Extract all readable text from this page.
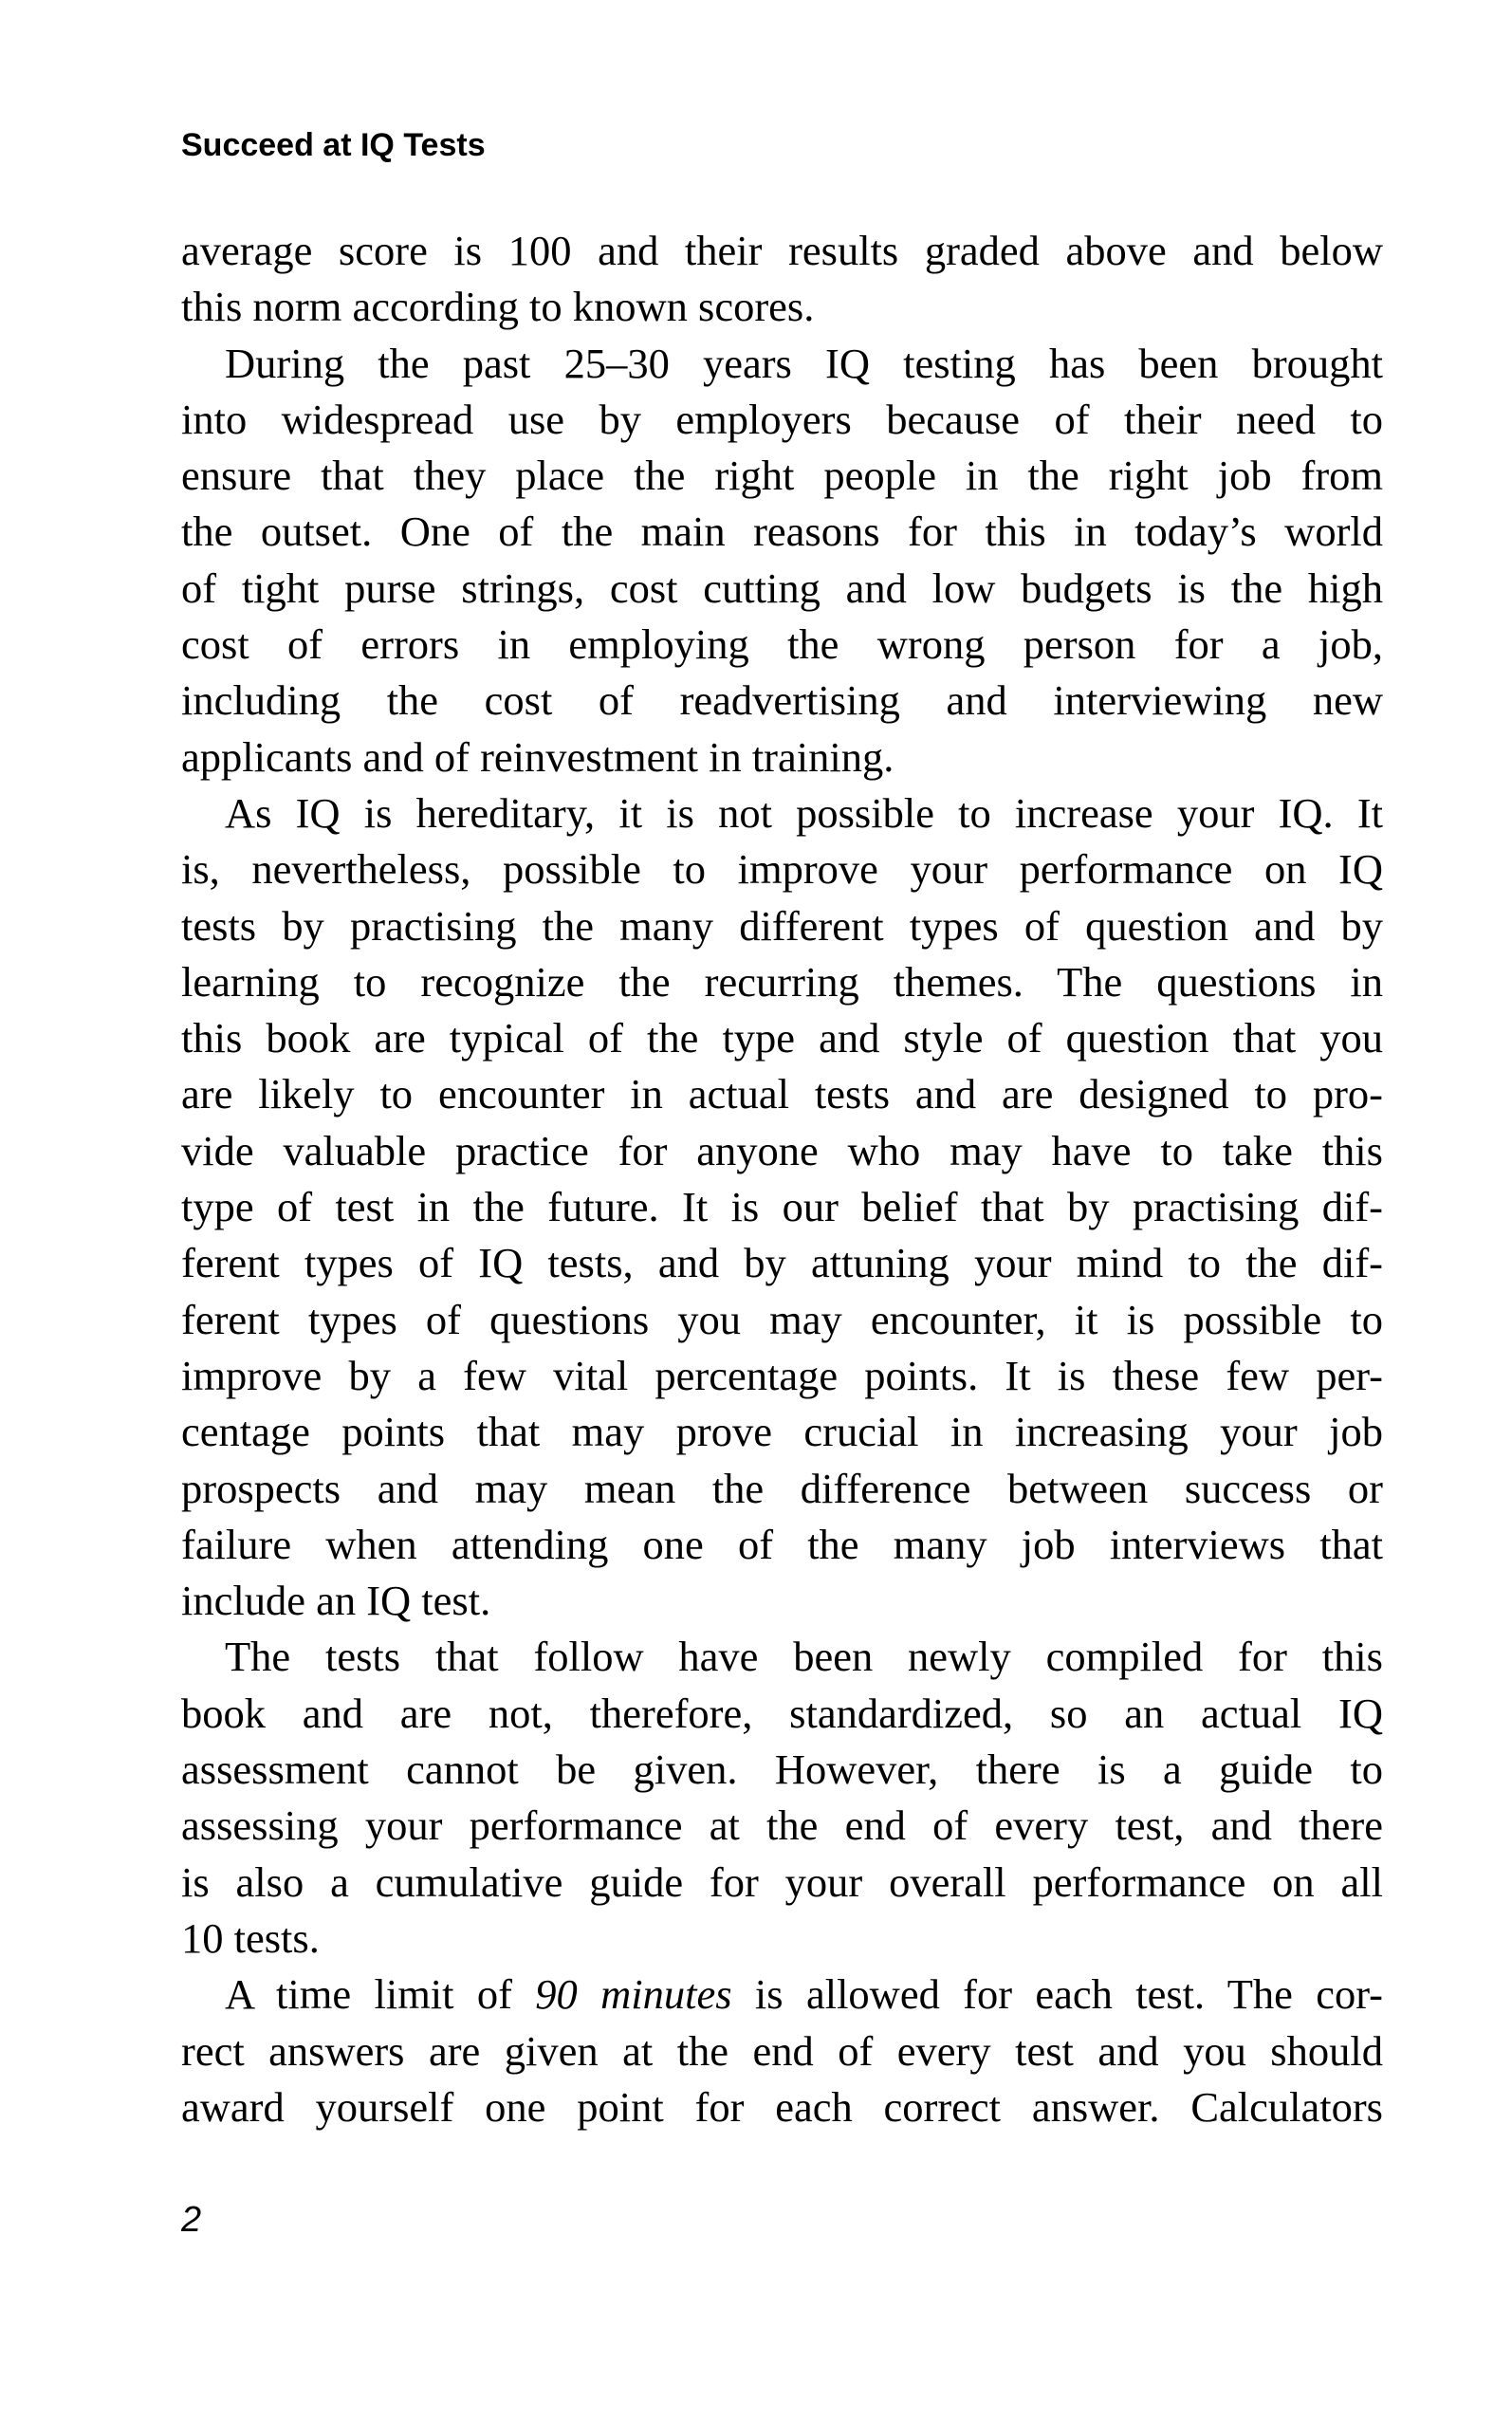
Succeed at IQ Tests

average score is 100 and their results graded above and below
this norm according to known scores.

During the past 25–30 years IQ testing has been brought
into widespread use by employers because of their need to
ensure that they place the right people in the right job from
the outset. One of the main reasons for this in today’s world
of tight purse strings, cost cutting and low budgets is the high
cost of errors in employing the wrong person for a job,
including the cost of readvertising and interviewing new
applicants and of reinvestment in training.

As IQ is hereditary, it is not possible to increase your IQ. It
is, nevertheless, possible to improve your performance on IQ
tests by practising the many different types of question and by
learning to recognize the recurring themes. The questions in
this book are typical of the type and style of question that you
are likely to encounter in actual tests and are designed to pro-
vide valuable practice for anyone who may have to take this
type of test in the future. It is our belief that by practising dif-
ferent types of IQ tests, and by attuning your mind to the dif-
ferent types of questions you may encounter, it is possible to
improve by a few vital percentage points. It is these few per-
centage points that may prove crucial in increasing your job
prospects and may mean the difference between success or
failure when attending one of the many job interviews that
include an IQ test.

The tests that follow have been newly compiled for this
book and are not, therefore, standardized, so an actual IQ
assessment cannot be given. However, there is a guide to
assessing your performance at the end of every test, and there
is also a cumulative guide for your overall performance on all
10 tests.

A time limit of 90 minutes is allowed for each test. The cor-
rect answers are given at the end of every test and you should
award yourself one point for each correct answer. Calculators

2
